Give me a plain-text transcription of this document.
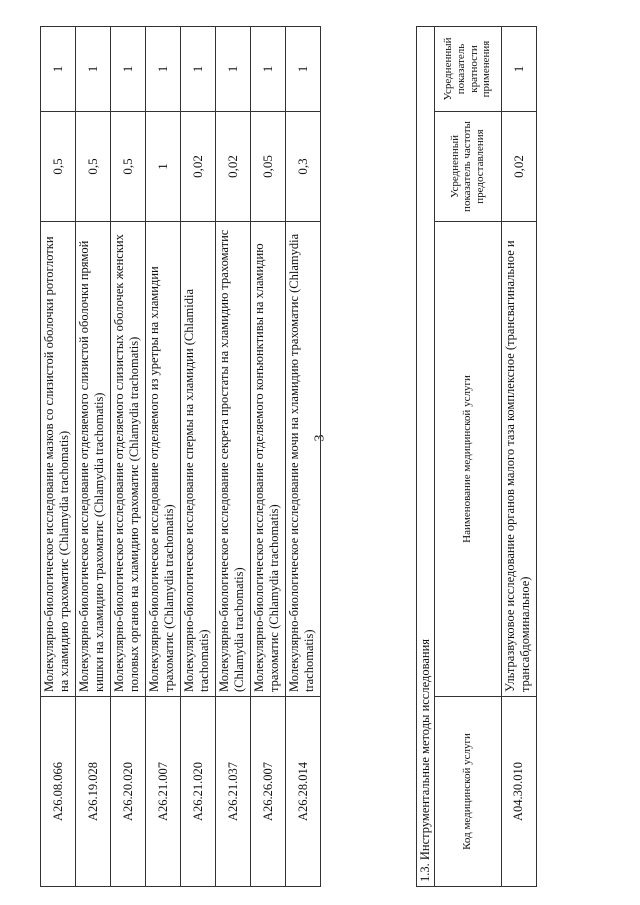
3
A26.08.066	Молекулярно-биологическое исследование мазков со слизистой оболочки ротоглотки на хламидию трахоматис (Chlamydia trachomatis)	0,5	1
A26.19.028	Молекулярно-биологическое исследование отделяемого слизистой оболочки прямой кишки на хламидию трахоматис (Chlamydia trachomatis)	0,5	1
A26.20.020	Молекулярно-биологическое исследование отделяемого слизистых оболочек женских половых органов на хламидию трахоматис (Chlamydia trachomatis)	0,5	1
A26.21.007	Молекулярно-биологическое исследование отделяемого из уретры на хламидии трахоматис (Chlamydia trachomatis)	1	1
A26.21.020	Молекулярно-биологическое исследование спермы на хламидии (Chlamidia trachomatis)	0,02	1
A26.21.037	Молекулярно-биологическое исследование секрета простаты на хламидию трахоматис (Chlamydia trachomatis)	0,02	1
A26.26.007	Молекулярно-биологическое исследование отделяемого конъюнктивы на хламидию трахоматис (Chlamydia trachomatis)	0,05	1
A26.28.014	Молекулярно-биологическое исследование мочи на хламидию трахоматис (Chlamydia trachomatis)	0,3	1
1.3. Инструментальные методы исследования			
Код медицинской услуги	Наименование медицинской услуги	Усредненный показатель частоты предоставления	Усредненный показатель кратности применения
A04.30.010	Ультразвуковое исследование органов малого таза комплексное (трансвагинальное и трансабдоминальное)	0,02	1
